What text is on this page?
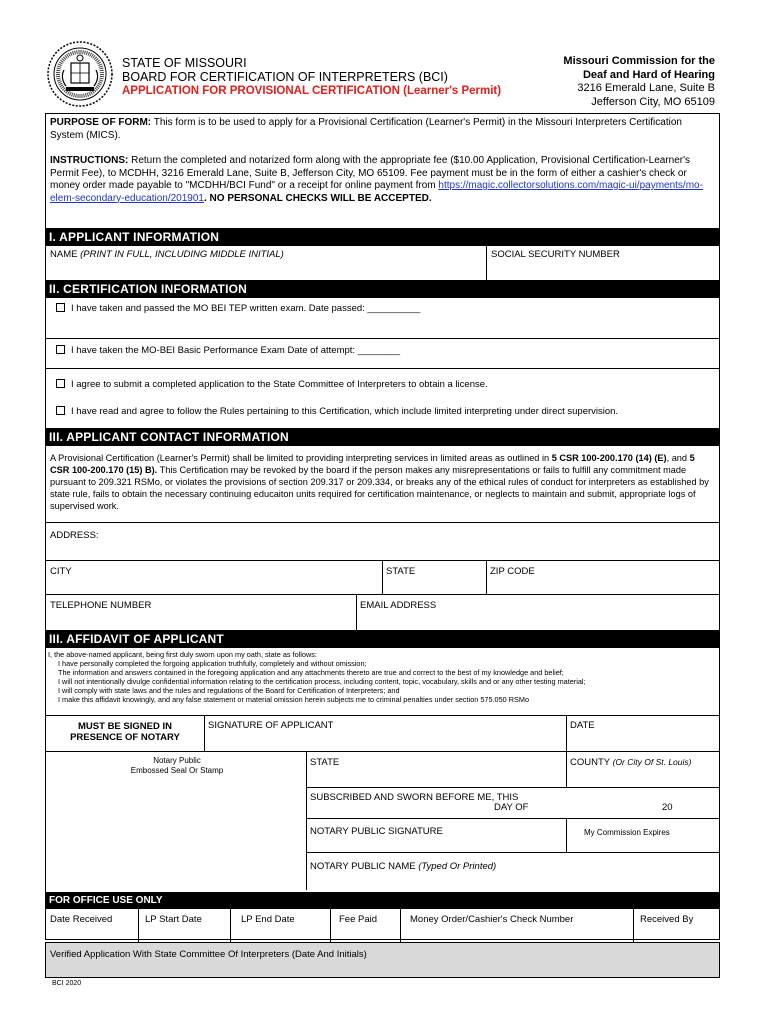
STATE OF MISSOURI
BOARD FOR CERTIFICATION OF INTERPRETERS (BCI)
APPLICATION FOR PROVISIONAL CERTIFICATION (Learner's Permit)
Missouri Commission for the
Deaf and Hard of Hearing
3216 Emerald Lane, Suite B
Jefferson City, MO 65109
PURPOSE OF FORM: This form is to be used to apply for a Provisional Certification (Learner's Permit) in the Missouri Interpreters Certification System (MICS).
INSTRUCTIONS: Return the completed and notarized form along with the appropriate fee ($10.00 Application, Provisional Certification-Learner's Permit Fee), to MCDHH, 3216 Emerald Lane, Suite B, Jefferson City, MO 65109. Fee payment must be in the form of either a cashier's check or money order made payable to "MCDHH/BCI Fund" or a receipt for online payment from https://magic.collectorsolutions.com/magic-ui/payments/mo-elem-secondary-education/201901. NO PERSONAL CHECKS WILL BE ACCEPTED.
I. APPLICANT INFORMATION
NAME (PRINT IN FULL, INCLUDING MIDDLE INITIAL)	SOCIAL SECURITY NUMBER
II. CERTIFICATION INFORMATION
I have taken and passed the MO BEI TEP written exam. Date passed: __________
I have taken the MO-BEI Basic Performance Exam Date of attempt: ________
I agree to submit a completed application to the State Committee of Interpreters to obtain a license.
I have read and agree to follow the Rules pertaining to this Certification, which include limited interpreting under direct supervision.
III. APPLICANT CONTACT INFORMATION
A Provisional Certification (Learner's Permit) shall be limited to providing interpreting services in limited areas as outlined in 5 CSR 100-200.170 (14) (E), and 5 CSR 100-200.170 (15) B). This Certification may be revoked by the board if the person makes any misrepresentations or fails to fulfill any commitment made pursuant to 209.321 RSMo, or violates the provisions of section 209.317 or 209.334, or breaks any of the ethical rules of conduct for interpreters as established by state rule, fails to obtain the necessary continuing educaiton units required for certification maintenance, or neglects to maintain and submit, appropriate logs of supervised work.
ADDRESS:
CITY	STATE	ZIP CODE
TELEPHONE NUMBER	EMAIL ADDRESS
III. AFFIDAVIT OF APPLICANT
I, the above-named applicant, being first duly sworn upon my oath, state as follows:
I have personally completed the forgoing application truthfully, completely and without omission;
The information and answers contained in the foregoing application and any attachments thereto are true and correct to the best of my knowledge and belief;
I will not intentionally divulge confidential information relating to the certification process, including content, topic, vocabulary, skills and or any other testing material;
I will comply with state laws and the rules and regulations of the Board for Certification of Interpreters; and
I make this affidavit knowingly, and any false statement or material omission herein subjects me to criminal penalties under section 575.050 RSMo
MUST BE SIGNED IN
PRESENCE OF NOTARY
SIGNATURE OF APPLICANT	DATE
Notary Public
Embossed Seal Or Stamp
STATE	COUNTY (Or City Of St. Louis)
SUBSCRIBED AND SWORN BEFORE ME, THIS
DAY OF	20
NOTARY PUBLIC SIGNATURE	My Commission Expires
NOTARY PUBLIC NAME (Typed Or Printed)
FOR OFFICE USE ONLY
Date Received	LP Start Date	LP End Date	Fee Paid	Money Order/Cashier's Check Number	Received By
Verified Application With State Committee Of Interpreters (Date And Initials)
BCI 2020
